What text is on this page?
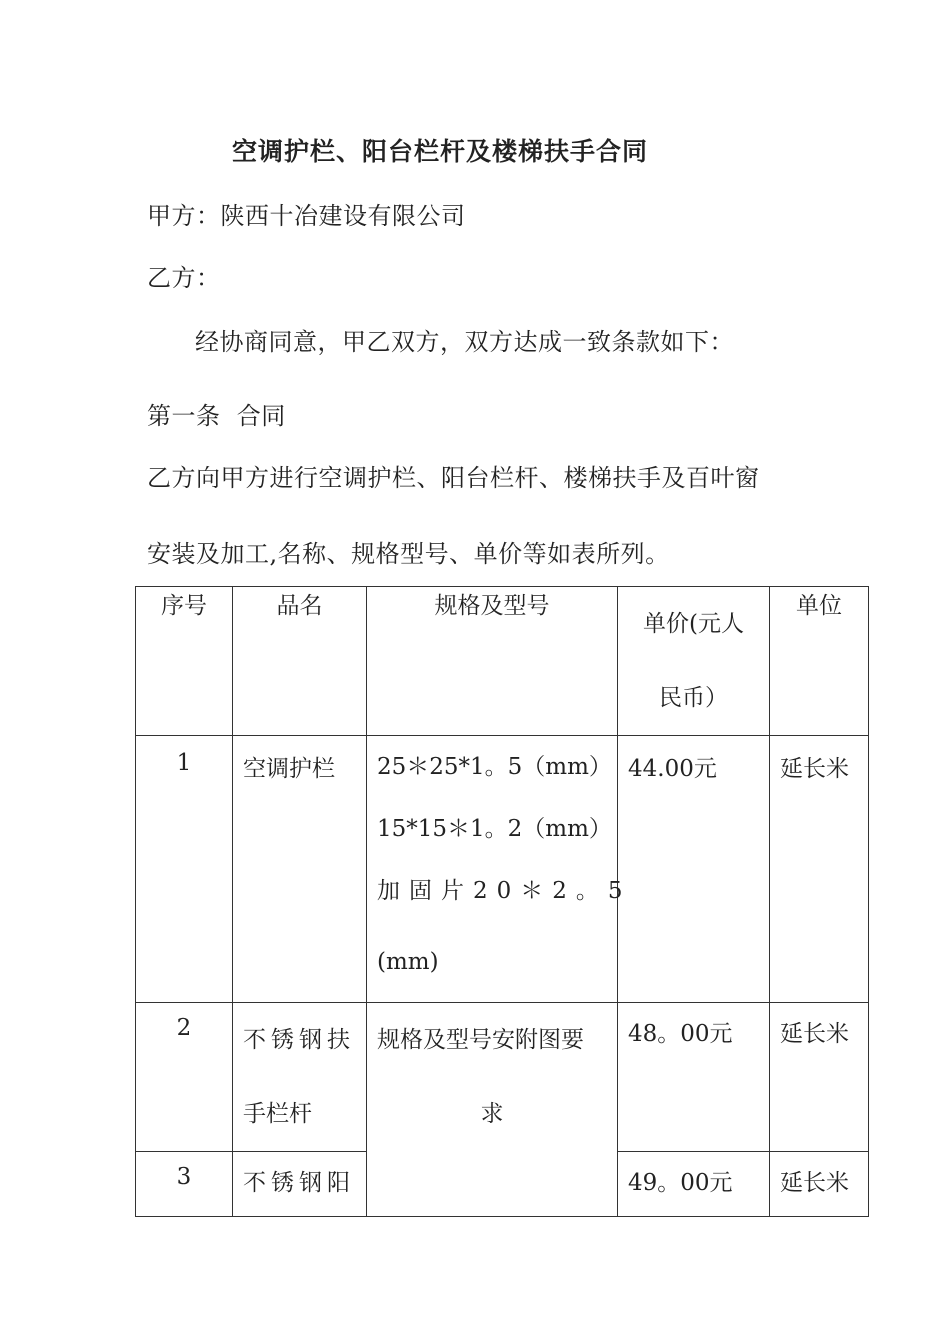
空调护栏、阳台栏杆及楼梯扶手合同
甲方：陕西十冶建设有限公司
乙方：
经协商同意，甲乙双方，双方达成一致条款如下：
第一条  合同
乙方向甲方进行空调护栏、阳台栏杆、楼梯扶手及百叶窗
安装及加工,名称、规格型号、单价等如表所列。
序号	品名	规格及型号	单价(元人
民币）	单位
1	空调护栏	25＊25*1。5（mm）
15*15＊1。2（mm）
加固片20＊2。5
(mm)	44.00元	延长米
2	不锈钢扶
手栏杆	规格及型号安附图要
求	48。00元	延长米
3	不锈钢阳		49。00元	延长米
